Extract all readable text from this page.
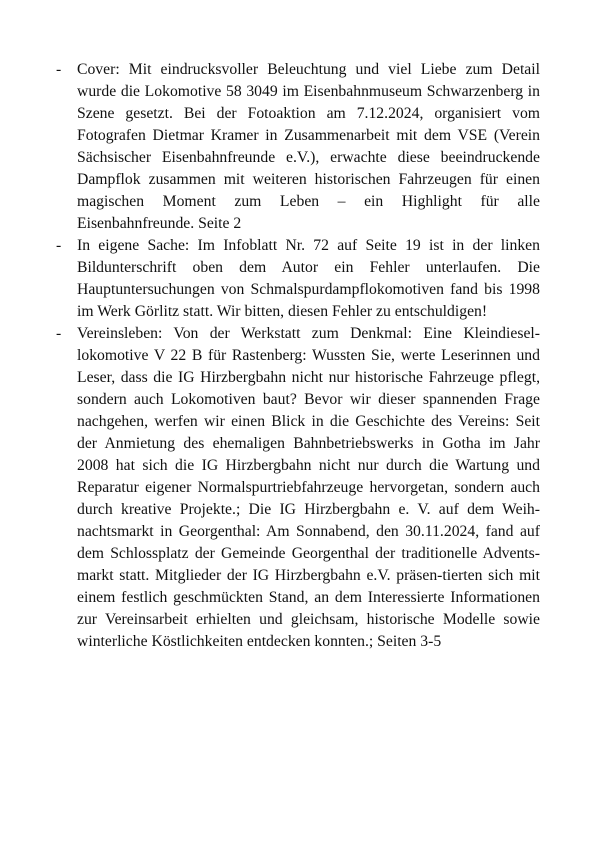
- Cover: Mit eindrucksvoller Beleuchtung und viel Liebe zum Detail wurde die Lokomotive 58 3049 im Eisenbahnmuseum Schwarzenberg in Szene gesetzt. Bei der Fotoaktion am 7.12.2024, organisiert vom Fotografen Dietmar Kramer in Zusammenarbeit mit dem VSE (Verein Sächsischer Eisenbahnfreunde e.V.), erwachte diese beeindruckende Dampflok zusammen mit weiteren historischen Fahrzeugen für einen magischen Moment zum Leben – ein Highlight für alle Eisenbahnfreunde. Seite 2
- In eigene Sache: Im Infoblatt Nr. 72 auf Seite 19 ist in der linken Bildunterschrift oben dem Autor ein Fehler unterlaufen. Die Hauptuntersuchungen von Schmalspurdampflokomotiven fand bis 1998 im Werk Görlitz statt. Wir bitten, diesen Fehler zu entschuldigen!
- Vereinsleben: Von der Werkstatt zum Denkmal: Eine Kleindiesel-lokomotive V 22 B für Rastenberg: Wussten Sie, werte Leserinnen und Leser, dass die IG Hirzbergbahn nicht nur historische Fahrzeuge pflegt, sondern auch Lokomotiven baut? Bevor wir dieser spannenden Frage nachgehen, werfen wir einen Blick in die Geschichte des Vereins: Seit der Anmietung des ehemaligen Bahnbetriebswerks in Gotha im Jahr 2008 hat sich die IG Hirzbergbahn nicht nur durch die Wartung und Reparatur eigener Normalspurtriebfahrzeuge hervorgetan, sondern auch durch kreative Projekte.; Die IG Hirzbergbahn e. V. auf dem Weih-nachtsmarkt in Georgenthal: Am Sonnabend, den 30.11.2024, fand auf dem Schlossplatz der Gemeinde Georgenthal der traditionelle Advents-markt statt. Mitglieder der IG Hirzbergbahn e.V. präsen-tierten sich mit einem festlich geschmückten Stand, an dem Interessierte Informationen zur Vereinsarbeit erhielten und gleichsam, historische Modelle sowie winterliche Köstlichkeiten entdecken konnten.; Seiten 3-5
